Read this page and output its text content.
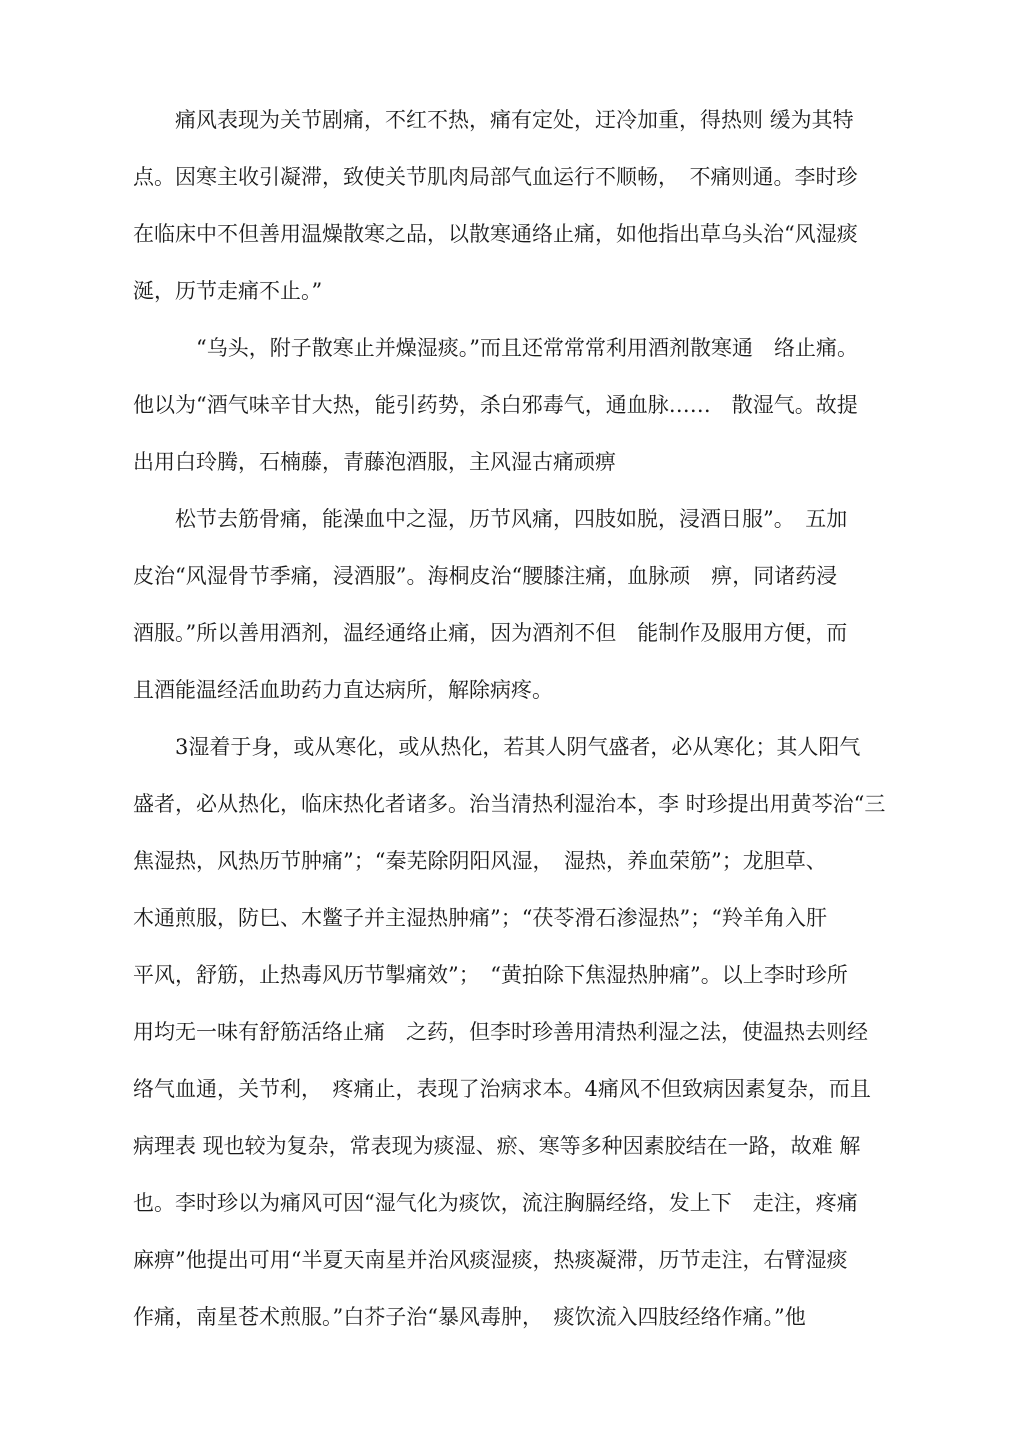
　　痛风表现为关节剧痛，不红不热，痛有定处，迂冷加重，得热则 缓为其特
点。因寒主收引凝滞，致使关节肌肉局部气血运行不顺畅，　不痛则通。李时珍
在临床中不但善用温燥散寒之品，以散寒通络止痛，如他指出草乌头治“风湿痰
涎，历节走痛不止。”
　　　“乌头，附子散寒止并燥湿痰。”而且还常常常利用酒剂散寒通　络止痛。
他以为“酒气味辛甘大热，能引药势，杀白邪毒气，通血脉……　散湿气。故提
出用白玲腾，石楠藤，青藤泡酒服，主风湿古痛顽痹
　　松节去筋骨痛，能澡血中之湿，历节风痛，四肢如脱，浸酒日服”。　五加
皮治“风湿骨节季痛，浸酒服”。海桐皮治“腰膝注痛，血脉顽　痹，同诸药浸
酒服。”所以善用酒剂，温经通络止痛，因为酒剂不但　能制作及服用方便，而
且酒能温经活血助药力直达病所，解除病疼。
　　3湿着于身，或从寒化，或从热化，若其人阴气盛者，必从寒化；其人阳气
盛者，必从热化，临床热化者诸多。治当清热利湿治本，李 时珍提出用黄芩治“三
焦湿热，风热历节肿痛”；“秦芜除阴阳风湿，　湿热，养血荣筋”；龙胆草、
木通煎服，防巳、木鳖子并主湿热肿痛”；“茯苓滑石渗湿热”；“羚羊角入肝
平风，舒筋，止热毒风历节掣痛效”；　“黄拍除下焦湿热肿痛”。以上李时珍所
用均无一味有舒筋活络止痛　之药，但李时珍善用清热利湿之法，使温热去则经
络气血通，关节利，　疼痛止，表现了治病求本。4痛风不但致病因素复杂，而且
病理表 现也较为复杂，常表现为痰湿、瘀、寒等多种因素胶结在一路，故难 解
也。李时珍以为痛风可因“湿气化为痰饮，流注胸膈经络，发上下　走注，疼痛
麻痹”他提出可用“半夏天南星并治风痰湿痰，热痰凝滞，历节走注，右臂湿痰
作痛，南星苍术煎服。”白芥子治“暴风毒肿，　痰饮流入四肢经络作痛。”他
